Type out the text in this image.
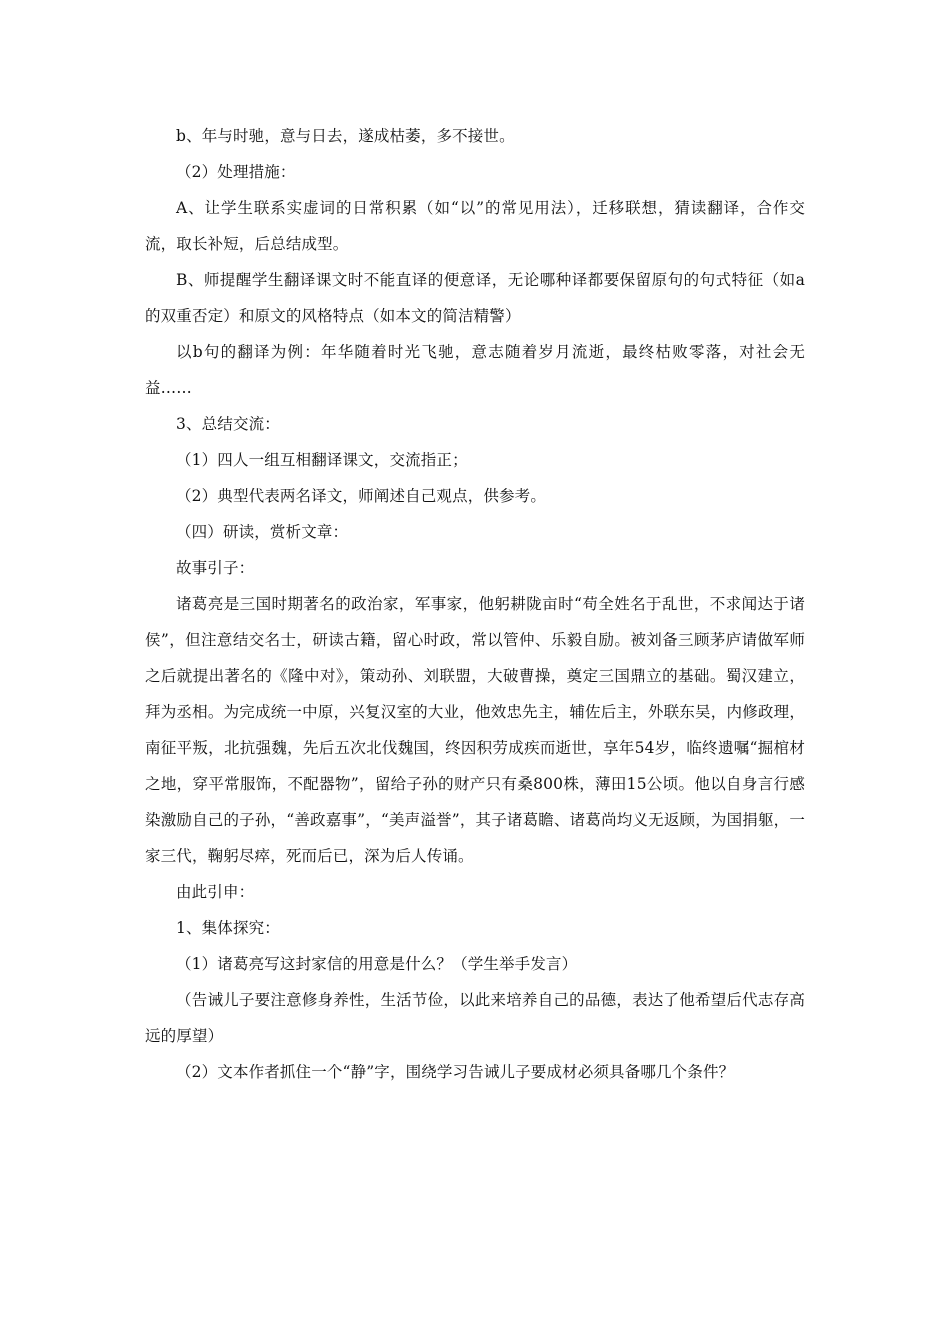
b、年与时驰，意与日去，遂成枯萎，多不接世。

（2）处理措施：

A、让学生联系实虚词的日常积累（如“以”的常见用法），迁移联想，猜读翻译，合作交流，取长补短，后总结成型。

B、师提醒学生翻译课文时不能直译的便意译，无论哪种译都要保留原句的句式特征（如a的双重否定）和原文的风格特点（如本文的简洁精警）

以b句的翻译为例：年华随着时光飞驰，意志随着岁月流逝，最终枯败零落，对社会无益……

3、总结交流：

（1）四人一组互相翻译课文，交流指正；

（2）典型代表两名译文，师阐述自己观点，供参考。

（四）研读，赏析文章：

故事引子：

诸葛亮是三国时期著名的政治家，军事家，他躬耕陇亩时“苟全姓名于乱世，不求闻达于诸侯”，但注意结交名士，研读古籍，留心时政，常以管仲、乐毅自励。被刘备三顾茅庐请做军师之后就提出著名的《隆中对》，策动孙、刘联盟，大破曹操，奠定三国鼎立的基础。蜀汉建立，拜为丞相。为完成统一中原，兴复汉室的大业，他效忠先主，辅佐后主，外联东吴，内修政理，南征平叛，北抗强魏，先后五次北伐魏国，终因积劳成疾而逝世，享年54岁，临终遗嘱“掘棺材之地，穿平常服饰，不配器物”，留给子孙的财产只有桑800株，薄田15公顷。他以自身言行感染激励自己的子孙，“善政嘉事”，“美声溢誉”，其子诸葛瞻、诸葛尚均义无返顾，为国捐躯，一家三代，鞠躬尽瘁，死而后已，深为后人传诵。

由此引申：

1、集体探究：

（1）诸葛亮写这封家信的用意是什么？（学生举手发言）

（告诫儿子要注意修身养性，生活节俭，以此来培养自己的品德，表达了他希望后代志存高远的厚望）

（2）文本作者抓住一个“静”字，围绕学习告诫儿子要成材必须具备哪几个条件？
